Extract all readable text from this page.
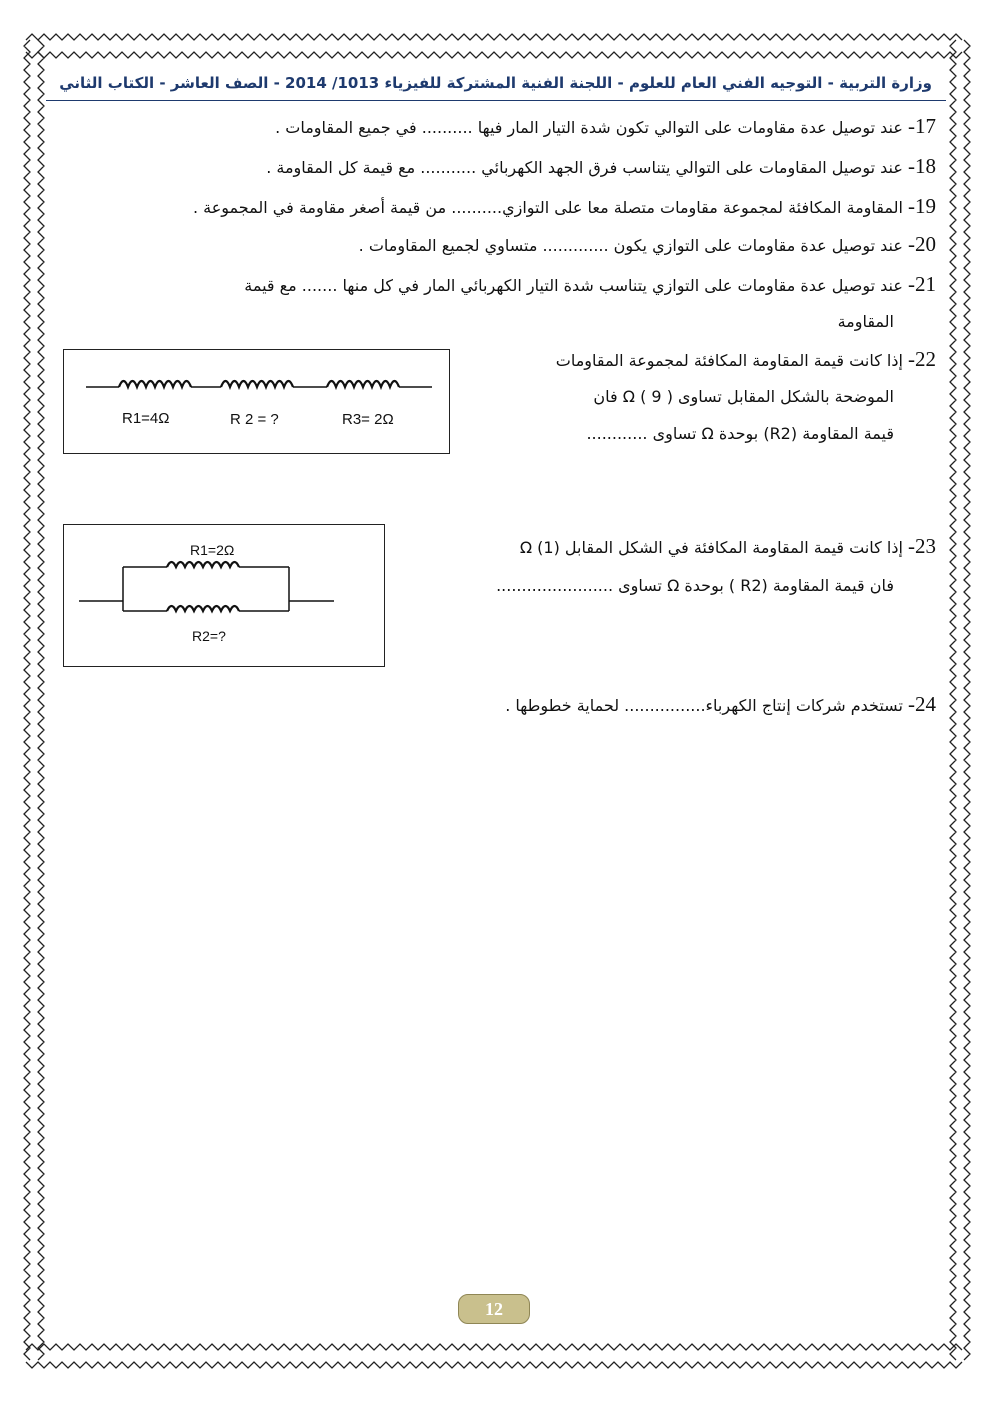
وزارة التربية - التوجيه الفني العام للعلوم - اللجنة الفنية المشتركة للفيزياء 1013/ 2014 - الصف العاشر - الكتاب الثاني
17- عند توصيل عدة مقاومات على التوالي تكون شدة التيار المار فيها .......... في جميع المقاومات .
18- عند توصيل المقاومات على التوالي يتناسب فرق الجهد الكهربائي ........... مع قيمة كل المقاومة .
19- المقاومة المكافئة لمجموعة مقاومات متصلة معا على التوازي.......... من قيمة أصغر مقاومة في المجموعة .
20- عند توصيل عدة مقاومات على التوازي يكون ............. متساوي لجميع المقاومات .
21- عند توصيل عدة مقاومات على التوازي يتناسب شدة التيار الكهربائي المار في كل منها ....... مع قيمة
المقاومة
22- إذا كانت قيمة المقاومة المكافئة لمجموعة المقاومات
الموضحة بالشكل المقابل تساوى Ω ( 9 ) فان
قيمة المقاومة (R2) بوحدة Ω تساوى ............
R1=4Ω	R 2 = ?	R3= 2Ω
23- إذا كانت قيمة المقاومة المكافئة في الشكل المقابل Ω (1)
فان قيمة المقاومة (R2 ) بوحدة Ω تساوى .......................
R1=2Ω
R2=?
24- تستخدم شركات إنتاج الكهرباء................ لحماية خطوطها .
12
